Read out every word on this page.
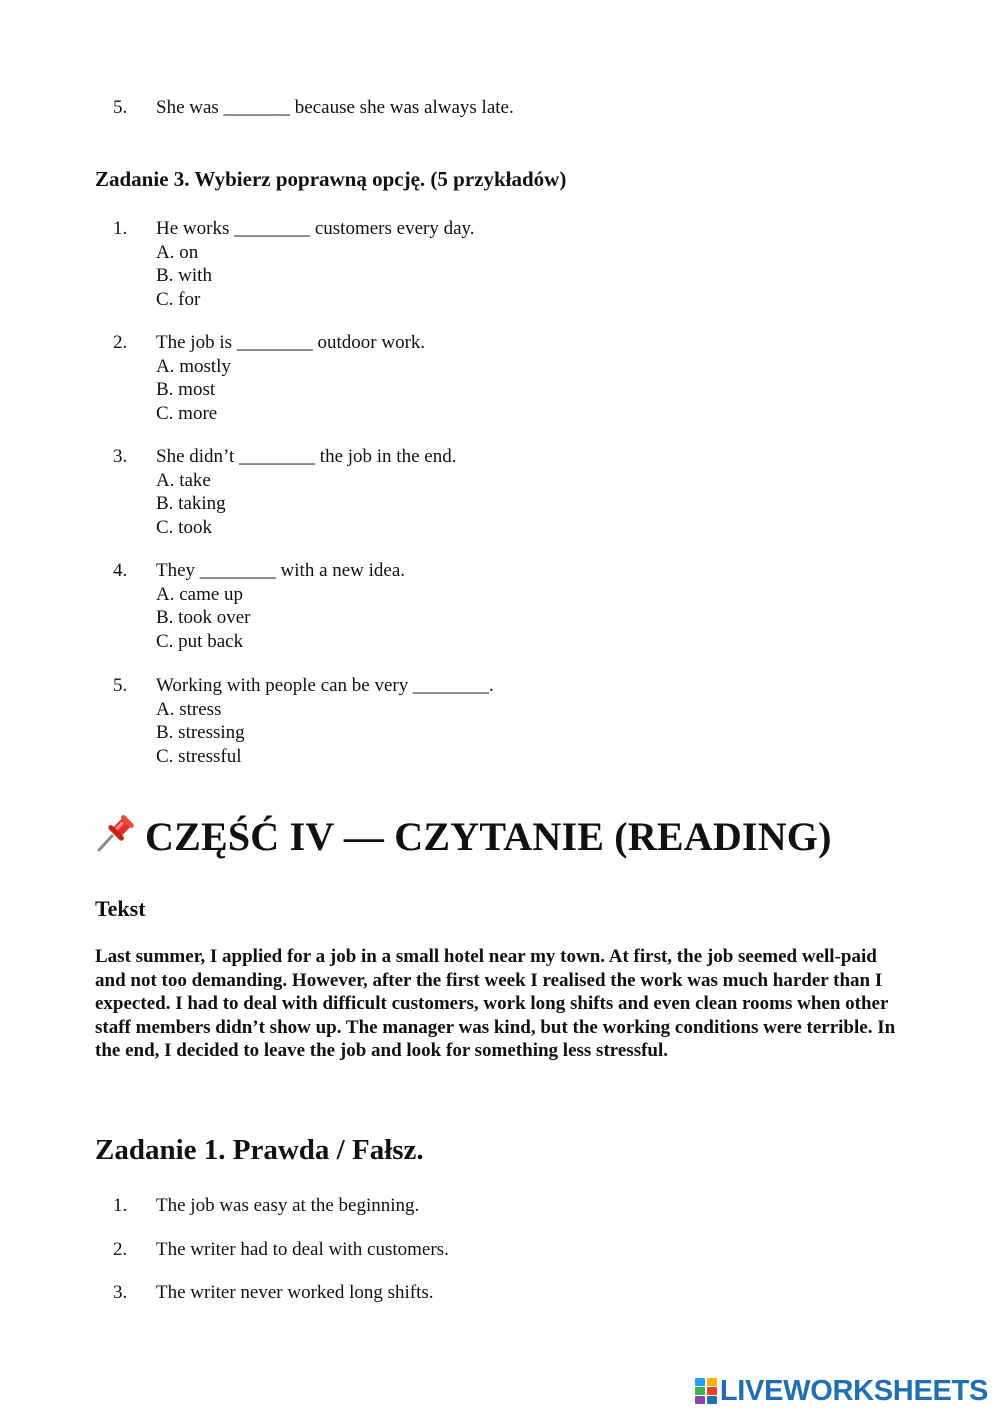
5.	She was _______ because she was always late.
Zadanie 3. Wybierz poprawną opcję. (5 przykładów)
1.	He works ________ customers every day.
A. on
B. with
C. for
2.	The job is ________ outdoor work.
A. mostly
B. most
C. more
3.	She didn’t ________ the job in the end.
A. take
B. taking
C. took
4.	They ________ with a new idea.
A. came up
B. took over
C. put back
5.	Working with people can be very ________.
A. stress
B. stressing
C. stressful
CZĘŚĆ IV — CZYTANIE (READING)
Tekst
Last summer, I applied for a job in a small hotel near my town. At first, the job seemed well-paid and not too demanding. However, after the first week I realised the work was much harder than I expected. I had to deal with difficult customers, work long shifts and even clean rooms when other staff members didn’t show up. The manager was kind, but the working conditions were terrible. In the end, I decided to leave the job and look for something less stressful.
Zadanie 1. Prawda / Fałsz.
1.	The job was easy at the beginning.
2.	The writer had to deal with customers.
3.	The writer never worked long shifts.
LIVEWORKSHEETS
